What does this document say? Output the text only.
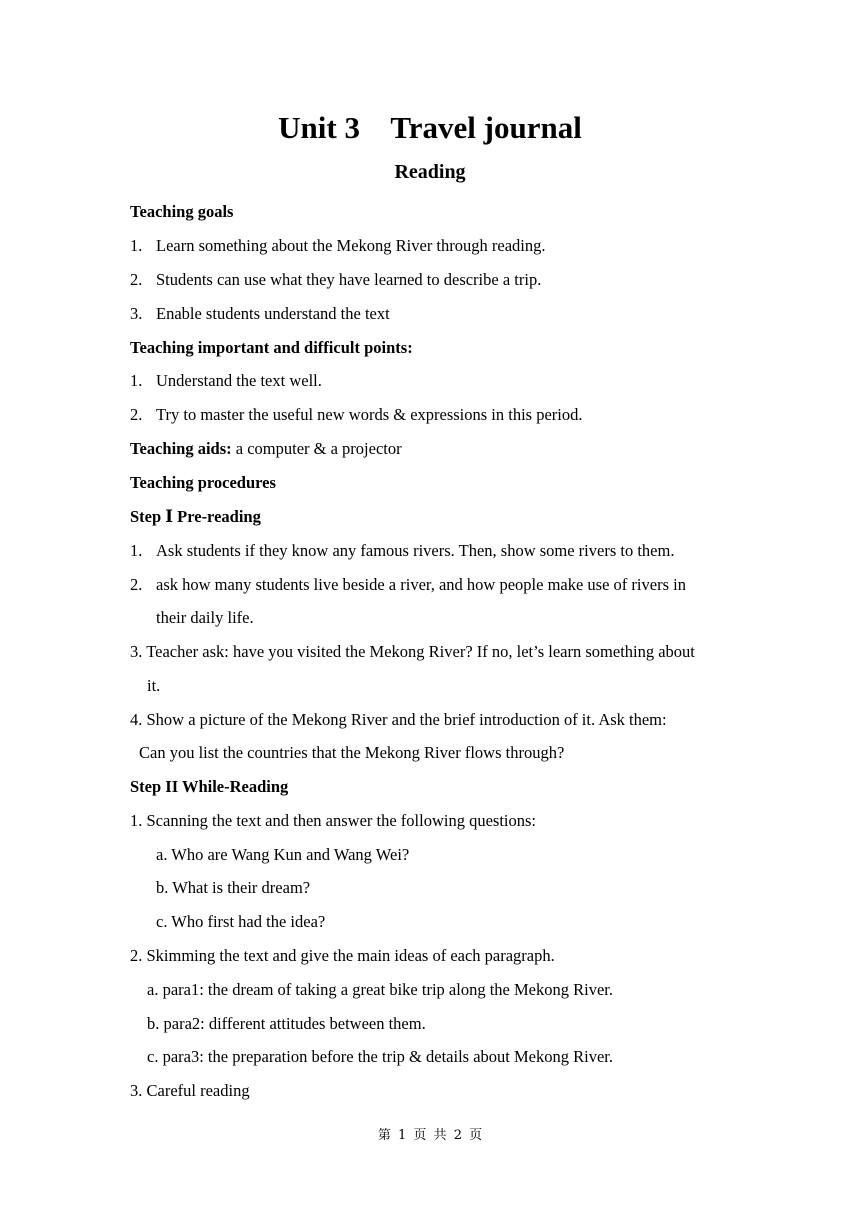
Unit 3    Travel journal
Reading
Teaching goals
1. Learn something about the Mekong River through reading.
2. Students can use what they have learned to describe a trip.
3. Enable students understand the text
Teaching important and difficult points:
1. Understand the text well.
2. Try to master the useful new words & expressions in this period.
Teaching aids: a computer & a projector
Teaching procedures
Step Ⅰ Pre-reading
1. Ask students if they know any famous rivers. Then, show some rivers to them.
2. ask how many students live beside a river, and how people make use of rivers in
their daily life.
3. Teacher ask: have you visited the Mekong River? If no, let’s learn something about
it.
4. Show a picture of the Mekong River and the brief introduction of it. Ask them:
Can you list the countries that the Mekong River flows through?
Step II While-Reading
1. Scanning the text and then answer the following questions:
a. Who are Wang Kun and Wang Wei?
b. What is their dream?
c. Who first had the idea?
2. Skimming the text and give the main ideas of each paragraph.
a. para1: the dream of taking a great bike trip along the Mekong River.
b. para2: different attitudes between them.
c. para3: the preparation before the trip & details about Mekong River.
3. Careful reading
第 1 页 共 2 页
